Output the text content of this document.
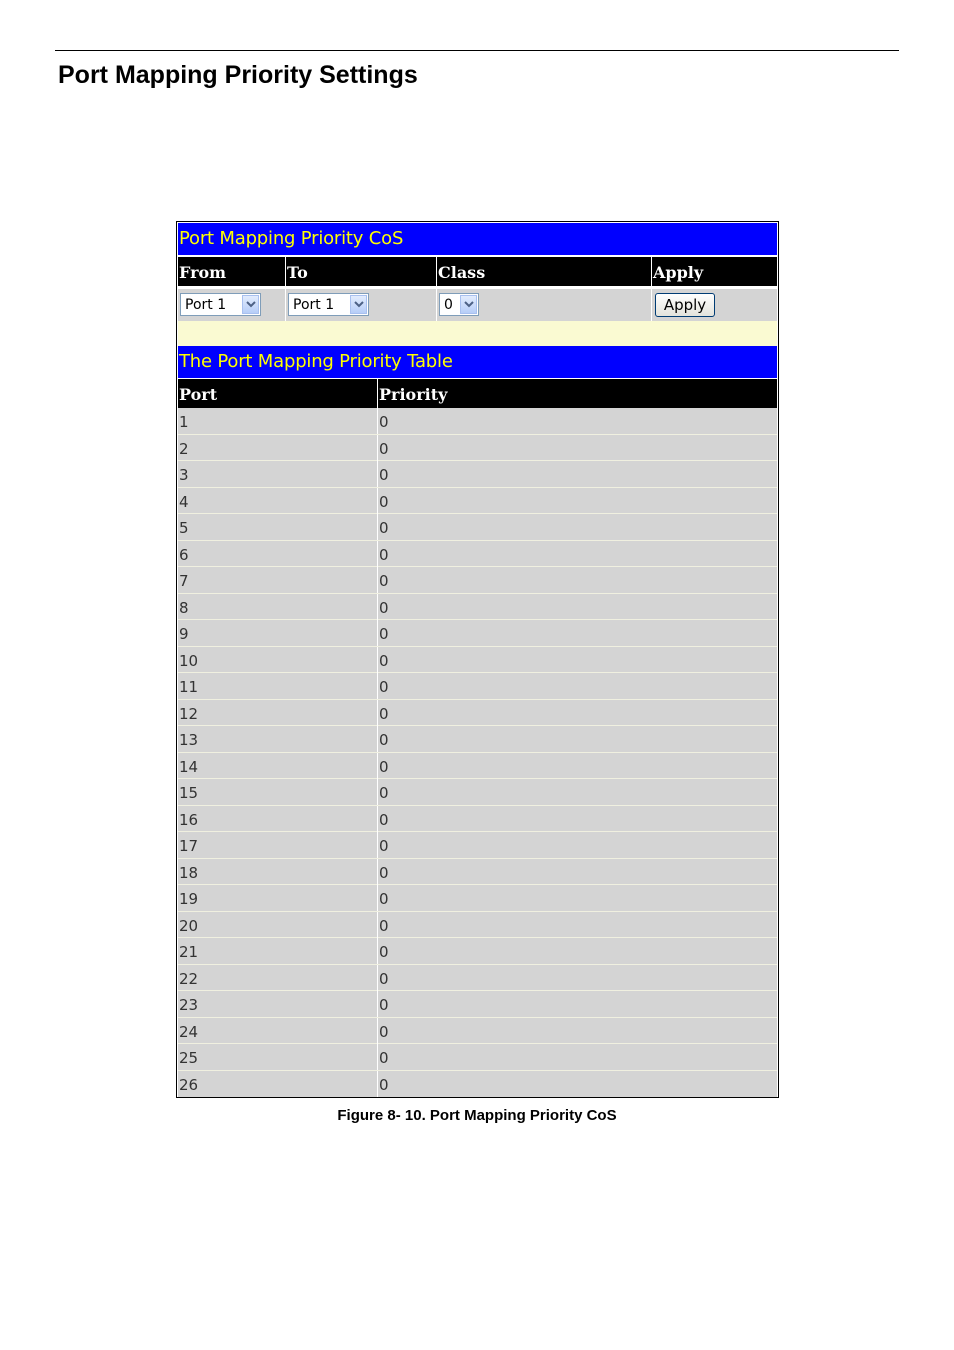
Port Mapping Priority Settings
Port Mapping Priority CoS
From	To	Class	Apply
Port 1	Port 1	0	Apply
The Port Mapping Priority Table
Port	Priority
1	0
2	0
3	0
4	0
5	0
6	0
7	0
8	0
9	0
10	0
11	0
12	0
13	0
14	0
15	0
16	0
17	0
18	0
19	0
20	0
21	0
22	0
23	0
24	0
25	0
26	0
Figure 8- 10. Port Mapping Priority CoS
